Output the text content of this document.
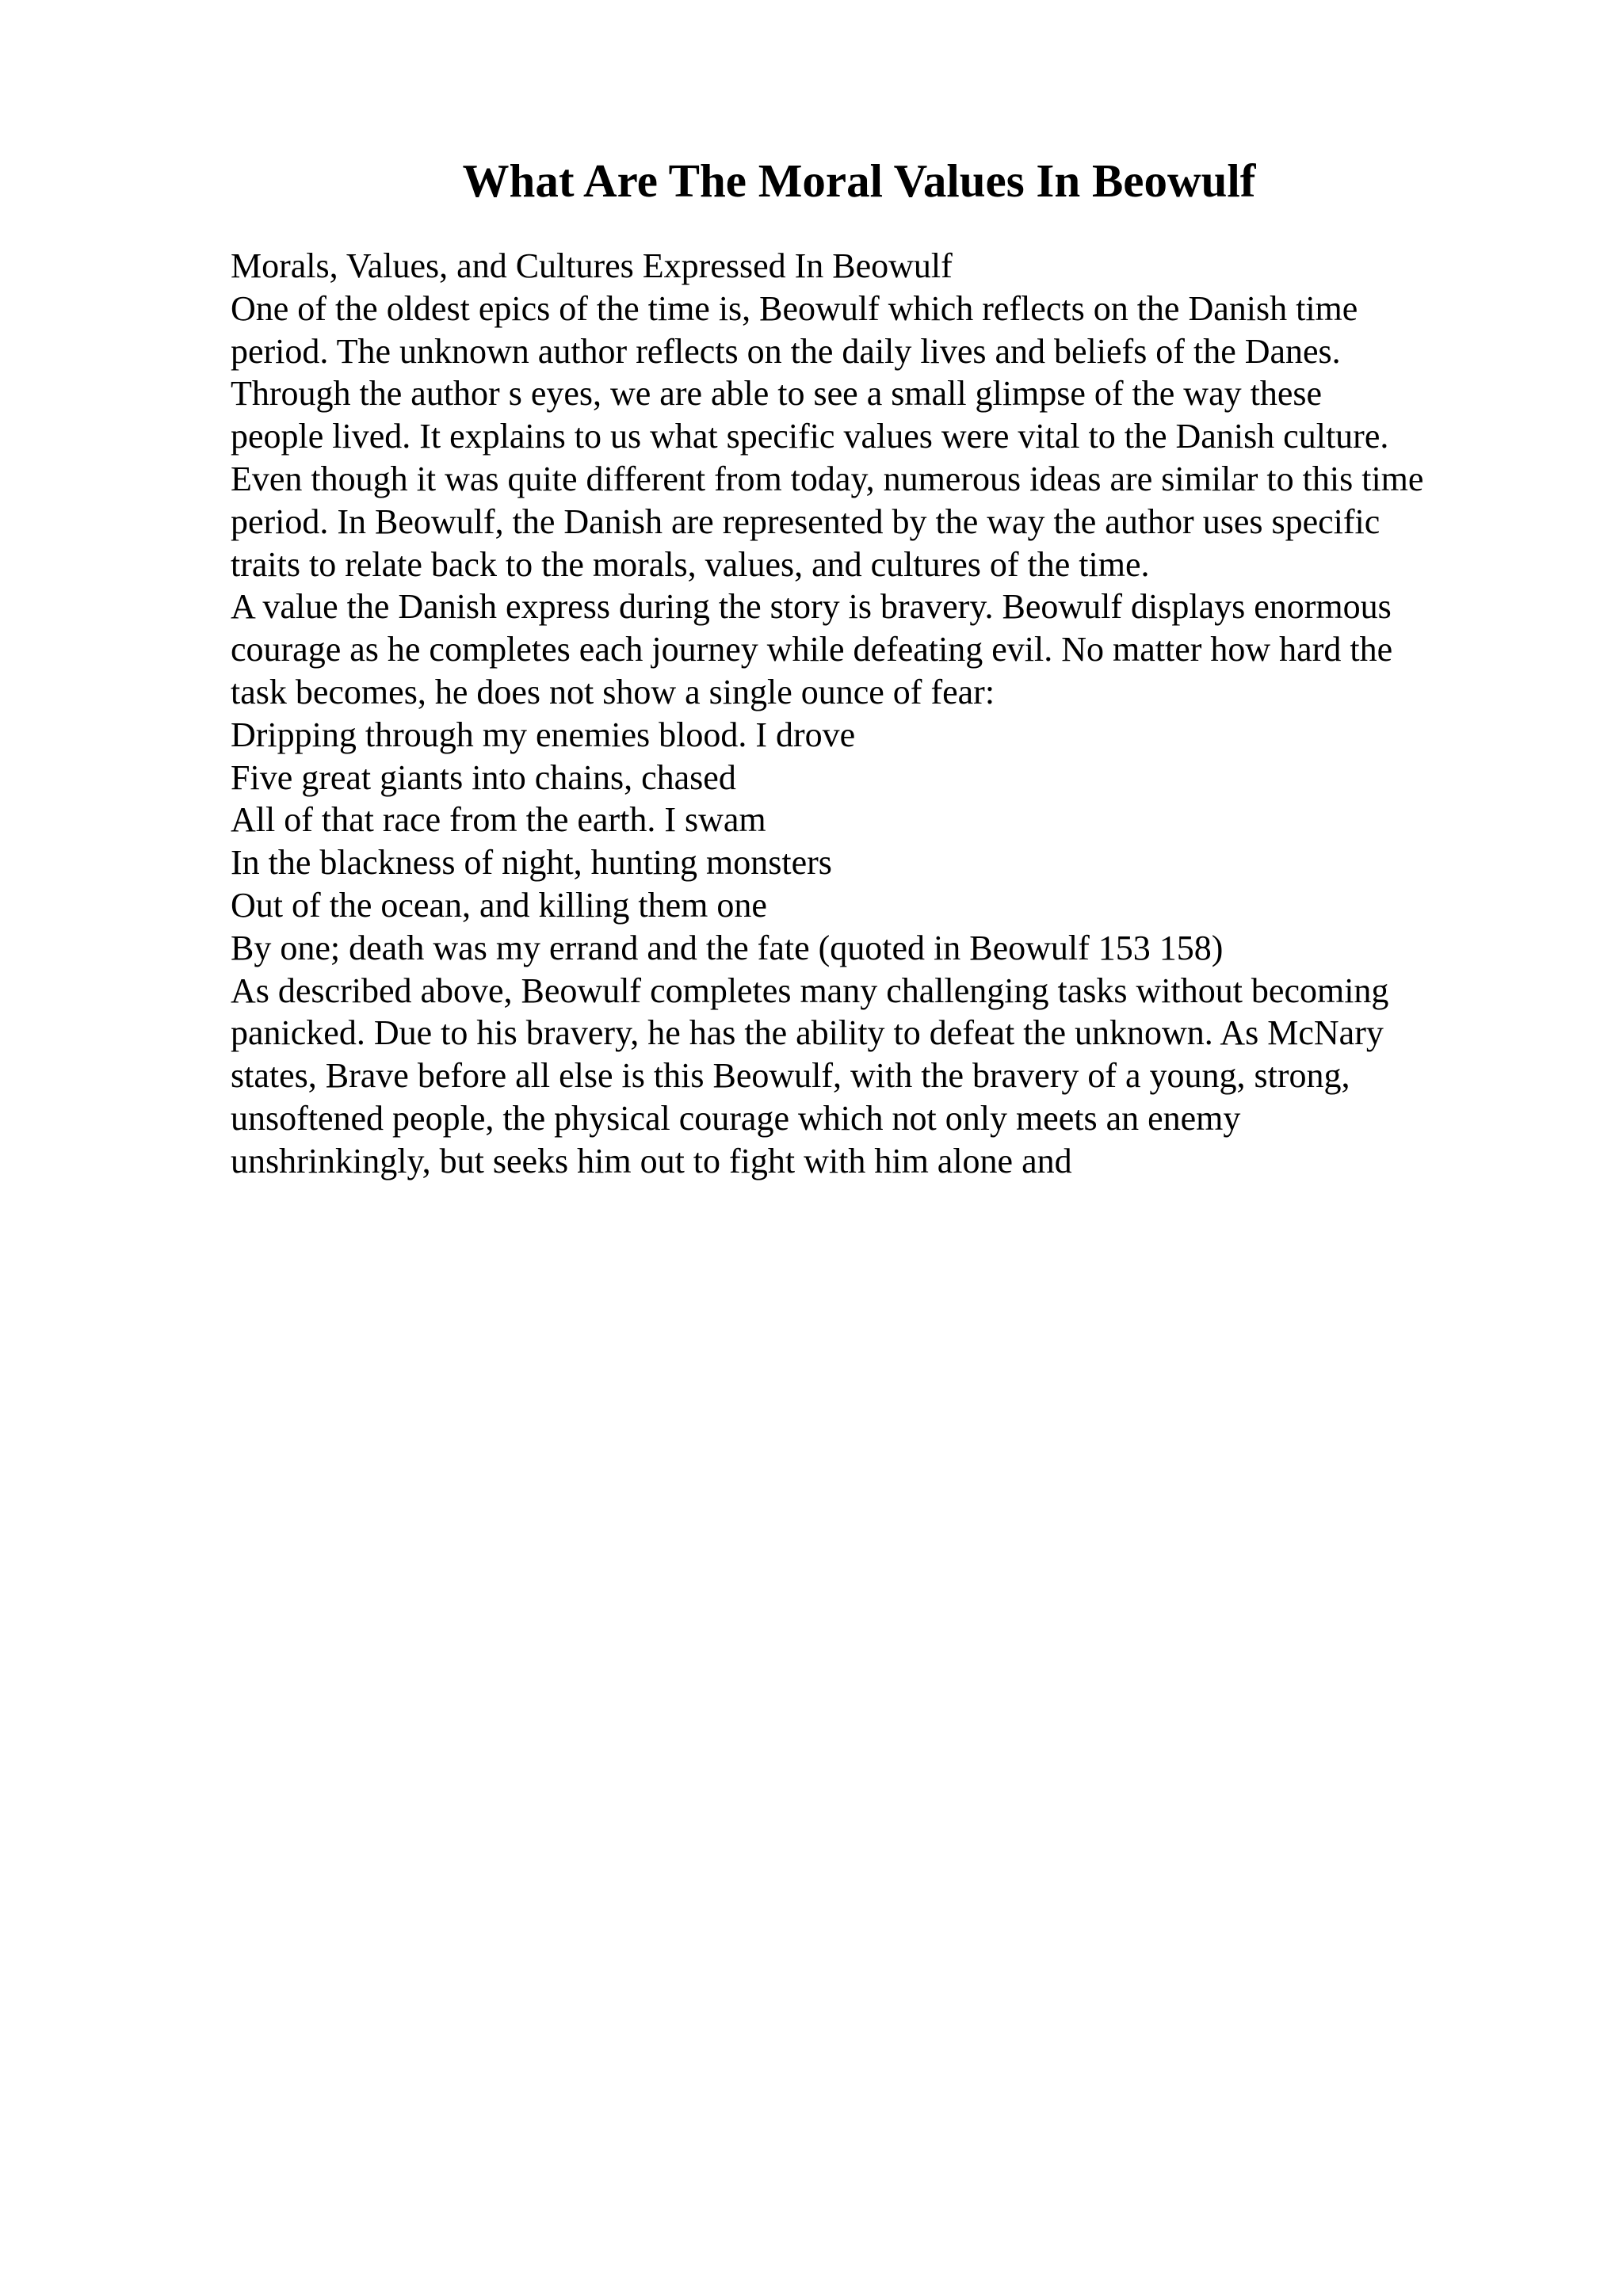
What Are The Moral Values In Beowulf
Morals, Values, and Cultures Expressed In Beowulf
One of the oldest epics of the time is, Beowulf which reflects on the Danish time
period. The unknown author reflects on the daily lives and beliefs of the Danes.
Through the author s eyes, we are able to see a small glimpse of the way these
people lived. It explains to us what specific values were vital to the Danish culture.
Even though it was quite different from today, numerous ideas are similar to this time
period. In Beowulf, the Danish are represented by the way the author uses specific
traits to relate back to the morals, values, and cultures of the time.
A value the Danish express during the story is bravery. Beowulf displays enormous
courage as he completes each journey while defeating evil. No matter how hard the
task becomes, he does not show a single ounce of fear:
Dripping through my enemies blood. I drove
Five great giants into chains, chased
All of that race from the earth. I swam
In the blackness of night, hunting monsters
Out of the ocean, and killing them one
By one; death was my errand and the fate (quoted in Beowulf 153 158)
As described above, Beowulf completes many challenging tasks without becoming
panicked. Due to his bravery, he has the ability to defeat the unknown. As McNary
states, Brave before all else is this Beowulf, with the bravery of a young, strong,
unsoftened people, the physical courage which not only meets an enemy
unshrinkingly, but seeks him out to fight with him alone and
